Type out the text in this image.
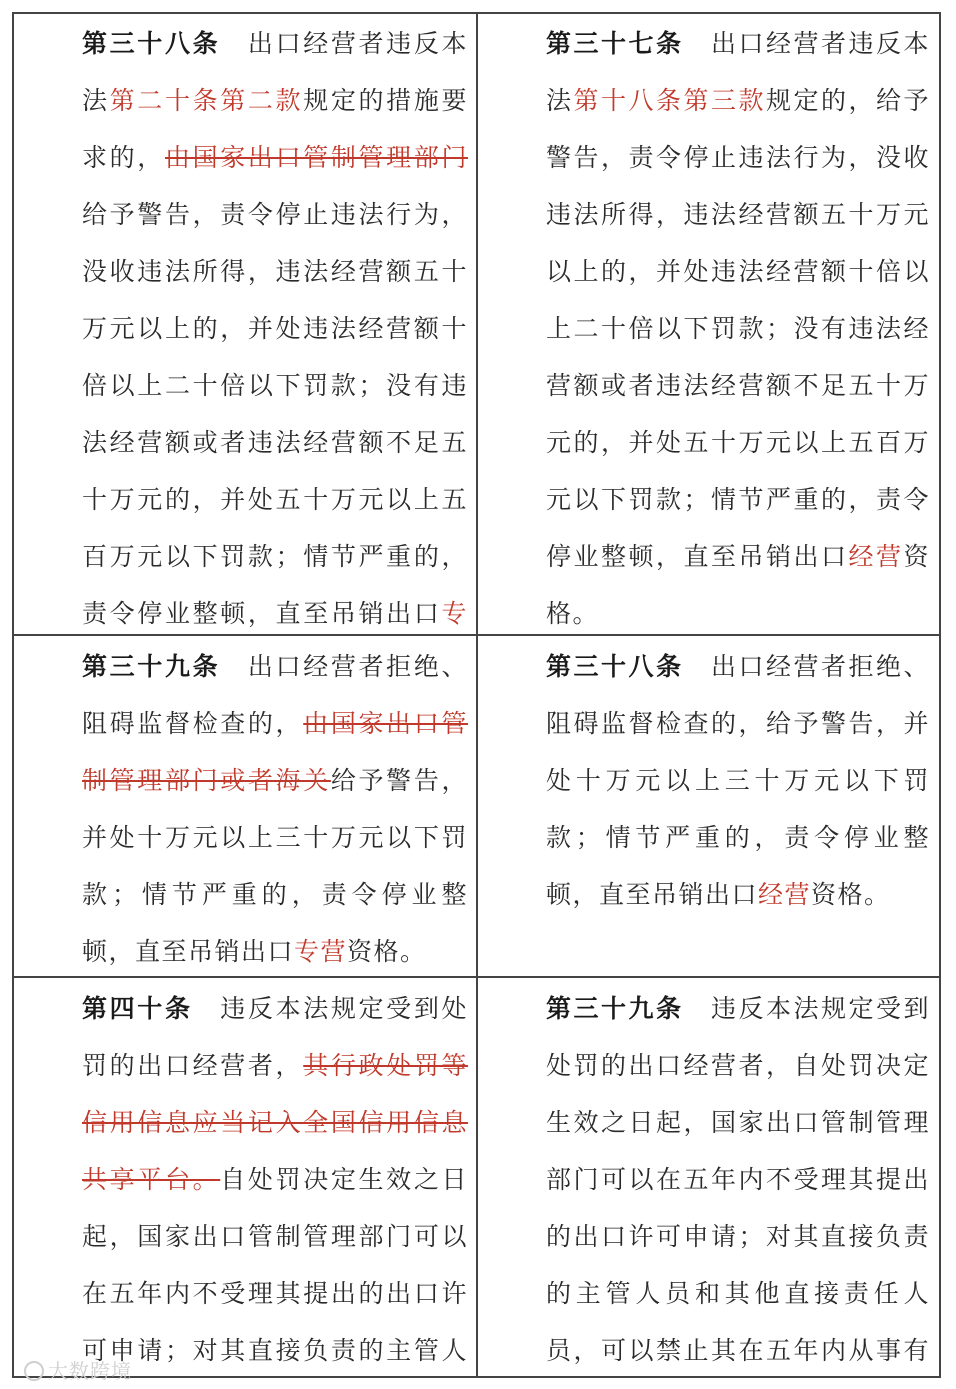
第三十八条　出口经营者违反本法第二十条第二款规定的措施要求的，由国家出口管制管理部门给予警告，责令停止违法行为，没收违法所得，违法经营额五十万元以上的，并处违法经营额十倍以上二十倍以下罚款；没有违法经营额或者违法经营额不足五十万元的，并处五十万元以上五百万元以下罚款；情节严重的，责令停业整顿，直至吊销出口专
第三十七条　出口经营者违反本法第十八条第三款规定的，给予警告，责令停止违法行为，没收违法所得，违法经营额五十万元以上的，并处违法经营额十倍以上二十倍以下罚款；没有违法经营额或者违法经营额不足五十万元的，并处五十万元以上五百万元以下罚款；情节严重的，责令停业整顿，直至吊销出口经营资格。
第三十九条　出口经营者拒绝、阻碍监督检查的，由国家出口管制管理部门或者海关给予警告，并处十万元以上三十万元以下罚款；情节严重的，责令停业整顿，直至吊销出口专营资格。
第三十八条　出口经营者拒绝、阻碍监督检查的，给予警告，并处十万元以上三十万元以下罚款；情节严重的，责令停业整顿，直至吊销出口经营资格。
第四十条　违反本法规定受到处罚的出口经营者，其行政处罚等信用信息应当记入全国信用信息共享平台。自处罚决定生效之日起，国家出口管制管理部门可以在五年内不受理其提出的出口许可申请；对其直接负责的主管人
第三十九条　违反本法规定受到处罚的出口经营者，自处罚决定生效之日起，国家出口管制管理部门可以在五年内不受理其提出的出口许可申请；对其直接负责的主管人员和其他直接责任人员，可以禁止其在五年内从事有
大数跨境
